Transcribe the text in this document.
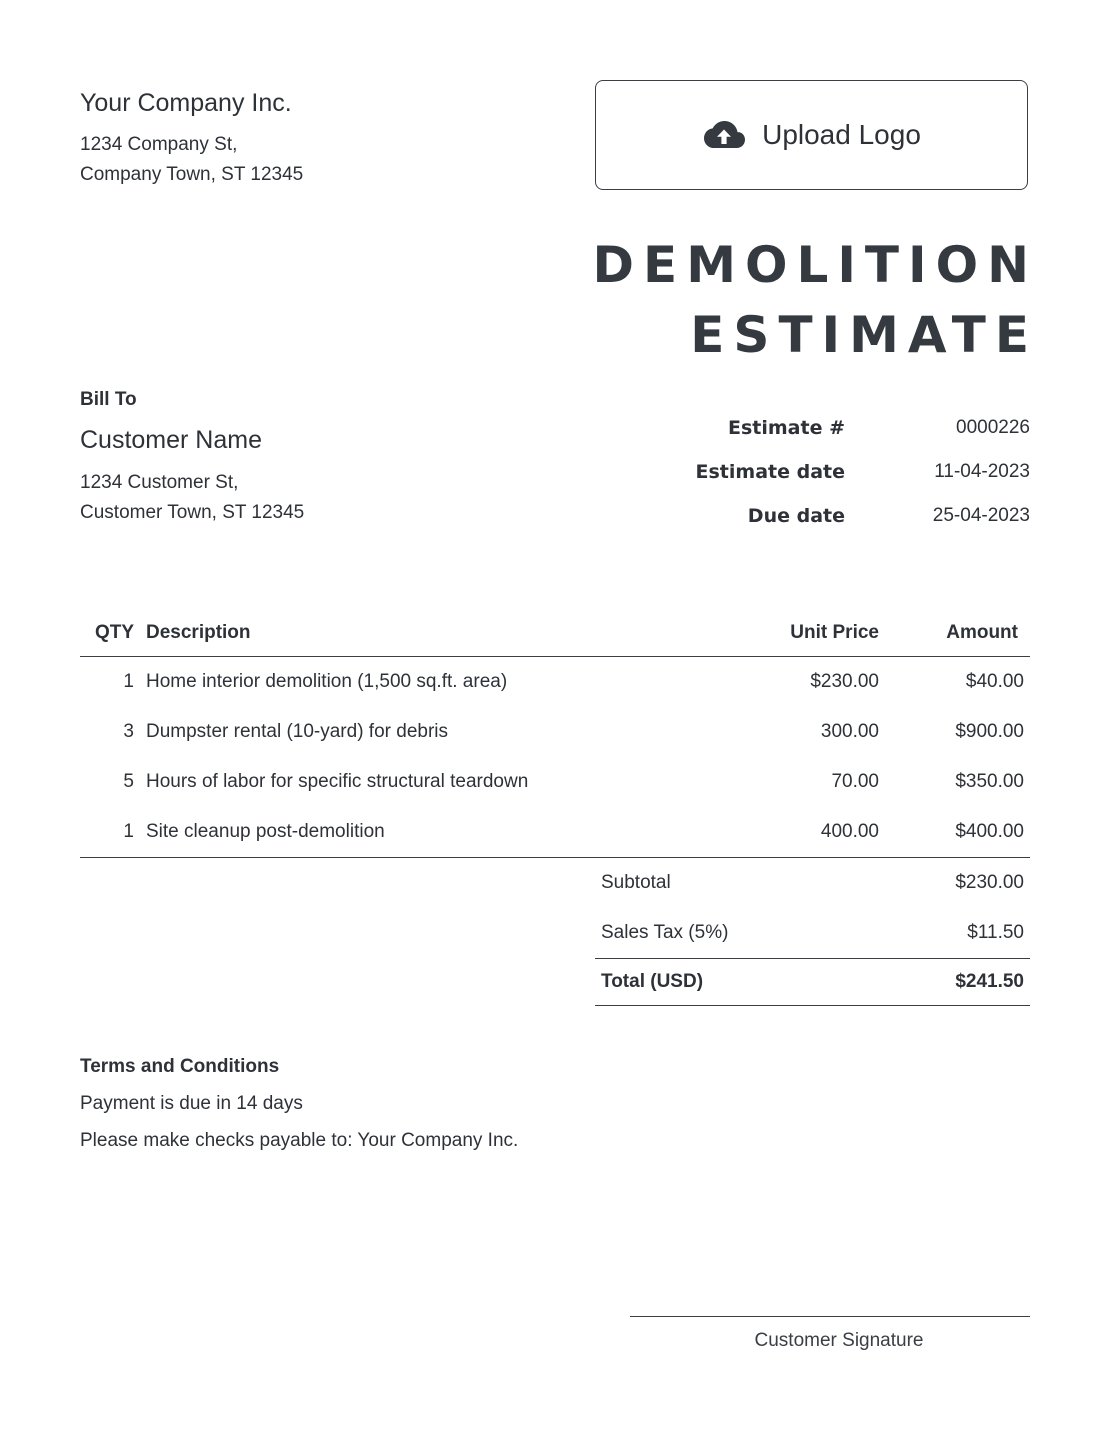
Your Company Inc.
1234 Company St,
Company Town, ST 12345
Upload Logo
DEMOLITION
ESTIMATE
Bill To
Customer Name
1234 Customer St,
Customer Town, ST 12345
Estimate #	0000226
Estimate date	11-04-2023
Due date	25-04-2023
QTY Description	Unit Price	Amount
1 Home interior demolition (1,500 sq.ft. area)	$230.00	$40.00
3 Dumpster rental (10-yard) for debris	300.00	$900.00
5 Hours of labor for specific structural teardown	70.00	$350.00
1 Site cleanup post-demolition	400.00	$400.00
Subtotal	$230.00
Sales Tax (5%)	$11.50
Total (USD)	$241.50
Terms and Conditions
Payment is due in 14 days
Please make checks payable to: Your Company Inc.
Customer Signature
